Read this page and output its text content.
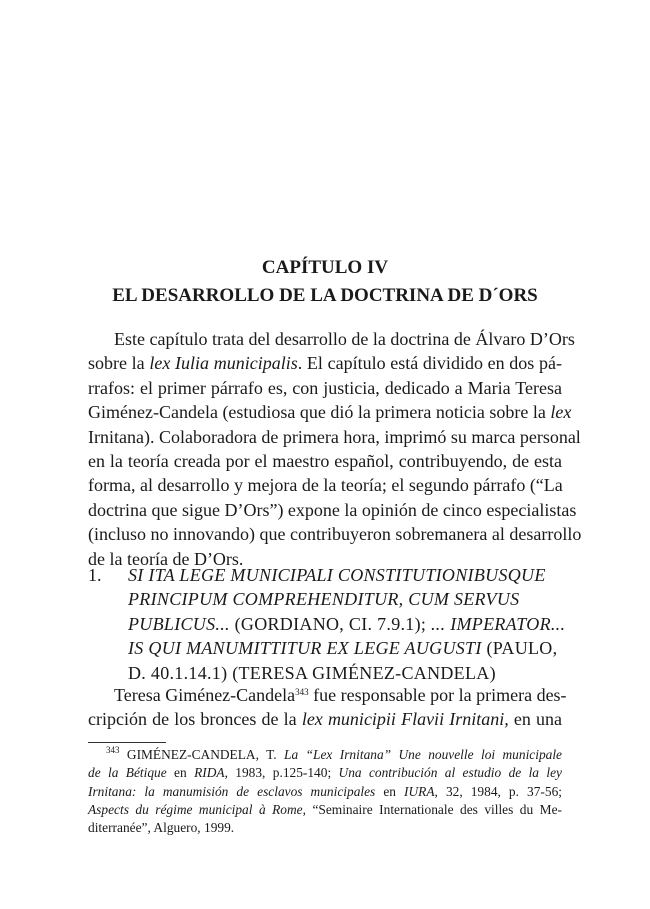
CAPÍTULO IV
EL DESARROLLO DE LA DOCTRINA DE D´ORS
Este capítulo trata del desarrollo de la doctrina de Álvaro D’Ors
sobre la lex Iulia municipalis. El capítulo está dividido en dos pá-
rrafos: el primer párrafo es, con justicia, dedicado a Maria Teresa
Giménez-Candela (estudiosa que dió la primera noticia sobre la lex
Irnitana). Colaboradora de primera hora, imprimó su marca personal
en la teoría creada por el maestro español, contribuyendo, de esta
forma, al desarrollo y mejora de la teoría; el segundo párrafo (“La
doctrina que sigue D’Ors”) expone la opinión de cinco especialistas
(incluso no innovando) que contribuyeron sobremanera al desarrollo
de la teoría de D’Ors.
1. SI ITA LEGE MUNICIPALI CONSTITUTIONIBUSQUE
PRINCIPUM COMPREHENDITUR, CUM SERVUS
PUBLICUS... (GORDIANO, CI. 7.9.1); ... IMPERATOR...
IS QUI MANUMITTITUR EX LEGE AUGUSTI (PAULO,
D. 40.1.14.1) (TERESA GIMÉNEZ-CANDELA)
Teresa Giménez-Candela$^{343}$ fue responsable por la primera des-
cripción de los bronces de la lex municipii Flavii Irnitani, en una
$^{343}$ GIMÉNEZ-CANDELA, T. La “Lex Irnitana” Une nouvelle loi municipale
de la Bétique en RIDA, 1983, p.125-140; Una contribución al estudio de la ley
Irnitana: la manumisión de esclavos municipales en IURA, 32, 1984, p. 37-56;
Aspects du régime municipal à Rome, “Seminaire Internationale des villes du Me-
diterranée”, Alguero, 1999.
